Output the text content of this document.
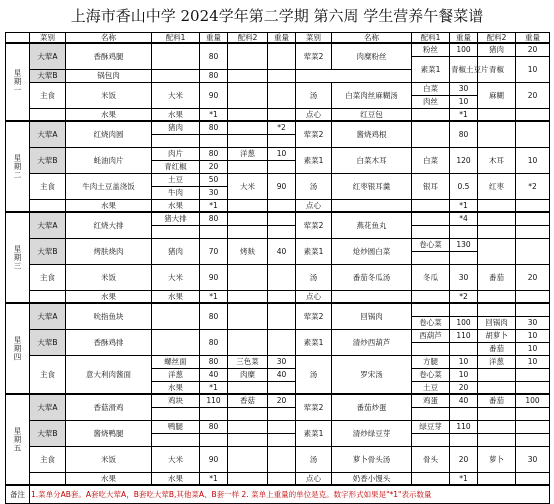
上海市香山中学 2024学年第二学期 第六周 学生营养午餐菜谱
	菜别	名称	配料1	重量	配料2	重量	菜别	名称	配料1	重量	配料2	重量	
星期一	大荤A	香酥鸡腿		80			荤菜2	肉糜粉丝	粉丝	100	猪肉	20	
									素菜1	青椒土豆片	青椒	10		
	大荤B	锅包肉		80									
	主食	米饭	大米	90			汤	白菜肉丝麻糊汤	白菜	30	麻糊	20	
									肉丝	10			
		水果	水果	*1			点心	红豆包		*1			
星期二	大荤A	红烧肉圆	猪肉	80		*2	荤菜2	酱烧鸡根		80			

	大荤B	蚝油肉片	肉片	80	洋葱	10	素菜1	白菜木耳	白菜	120	木耳	10	
			青红椒	20									
	主食	牛肉土豆盖浇饭	土豆	50	大米	90	汤	红枣银耳羹	银耳	0.5	红枣	*2	
			牛肉	30									
		水果	水果	*1			点心			*1			
星期三	大荤A	红烧大排	猪大排	80			荤菜2	燕花鱼丸		*4			

	大荤B	烤肤烧肉	猪肉	70	烤麸	40	素菜1	炝炒圆白菜	卷心菜	130			

	主食	米饭	大米	90			汤	番茄冬瓜汤	冬瓜	30	番茄	20	

		水果	水果	*1			点心			*2			
星期四	大荤A	吮指鱼块		80			荤菜2	回锅肉					
									卷心菜	100	回锅肉	30	
	大荤B	香酥鸡排		80			素菜1	清炒西葫芦	西葫芦	110	胡萝卜	10	
											番茄	10	
	主食	意大利肉酱面	螺丝面	80	三色菜	30	汤	罗宋汤	方腿	10	洋葱	10	
			洋葱	40	肉糜	40			卷心菜	10			
			水果	*1					土豆	20			
星期五	大荤A	香菇滑鸡	鸡块	110	香菇	20	荤菜2	番茄炒蛋	鸡蛋	40	番茄	100	

	大荤B	酱烧鸭腿	鸭腿	80			素菜1	清炒绿豆芽	绿豆芽	110			

	主食	米饭	大米	90			汤	萝卜骨头汤	骨头	20	萝卜	30	

		水果	水果	*1			点心	奶香小馒头		*1			
备注	1.菜单分AB套。A套吃大荤A，B套吃大荤B,其他菜A、B套一样 2. 菜单上重量的单位是克。数字形式如果是"*1"表示数量												
